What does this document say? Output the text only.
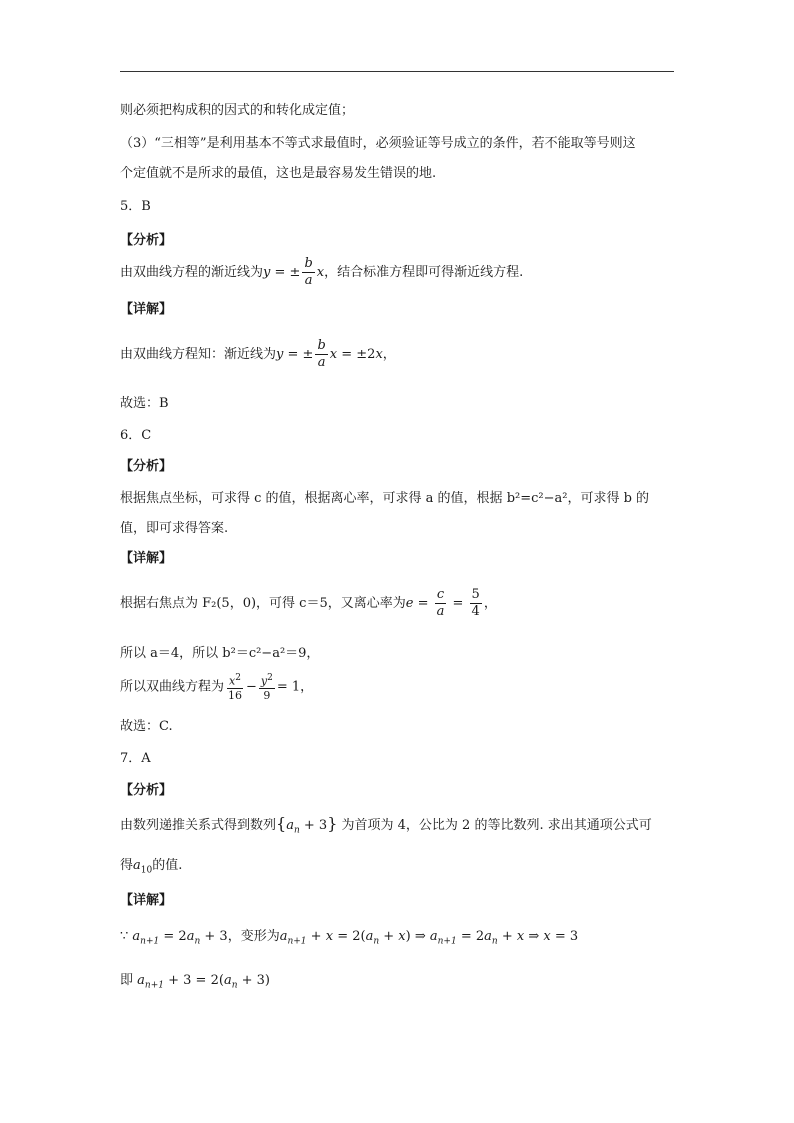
则必须把构成积的因式的和转化成定值；
（3）“三相等”是利用基本不等式求最值时，必须验证等号成立的条件，若不能取等号则这
个定值就不是所求的最值，这也是最容易发生错误的地.
5．B
【分析】
由双曲线方程的渐近线为y = ± $\frac{b}{a}$ x，结合标准方程即可得渐近线方程.
【详解】
由双曲线方程知：渐近线为y = ± $\frac{b}{a}$ x = ±2x，
故选：B
6．C
【分析】
根据焦点坐标，可求得 c 的值，根据离心率，可求得 a 的值，根据 b²=c²−a²，可求得 b 的
值，即可求得答案.
【详解】
根据右焦点为 F₂(5，0)，可得 c＝5，又离心率为$e = \frac{c}{a} = \frac{5}{4}$ ，
所以 a＝4，所以 b²＝c²−a²＝9，
所以双曲线方程为 $\frac{x^2}{16} - \frac{y^2}{9} = 1$，
故选：C.
7．A
【分析】
由数列递推关系式得到数列$\{a_n + 3\}$ 为首项为 4，公比为 2 的等比数列. 求出其通项公式可
得$a_{10}$的值.
【详解】
∵ $a_{n+1} = 2a_n + 3$，变形为$a_{n+1} + x = 2(a_n + x)$ ⇒ $a_{n+1} = 2a_n + x$ ⇒ x = 3
即 $a_{n+1} + 3 = 2(a_n + 3)$
